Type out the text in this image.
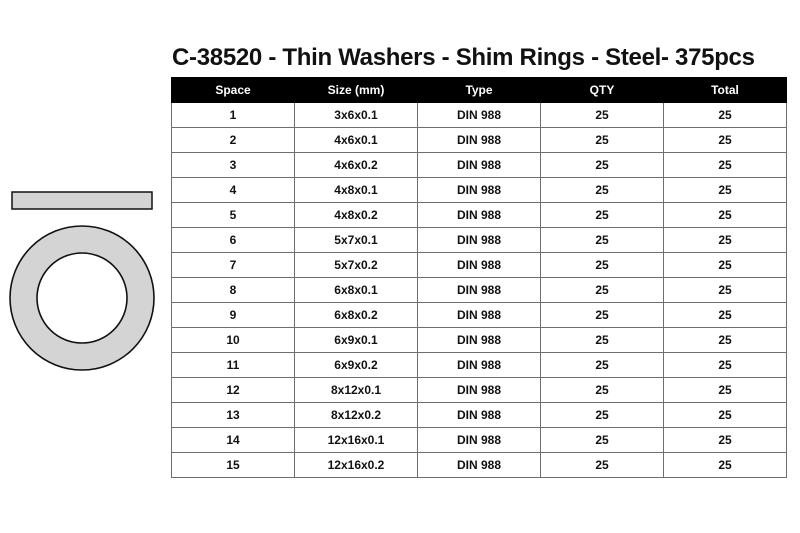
C-38520 - Thin Washers - Shim Rings - Steel- 375pcs
Space	Size (mm)	Type	QTY	Total
1	3x6x0.1	DIN 988	25	25
2	4x6x0.1	DIN 988	25	25
3	4x6x0.2	DIN 988	25	25
4	4x8x0.1	DIN 988	25	25
5	4x8x0.2	DIN 988	25	25
6	5x7x0.1	DIN 988	25	25
7	5x7x0.2	DIN 988	25	25
8	6x8x0.1	DIN 988	25	25
9	6x8x0.2	DIN 988	25	25
10	6x9x0.1	DIN 988	25	25
11	6x9x0.2	DIN 988	25	25
12	8x12x0.1	DIN 988	25	25
13	8x12x0.2	DIN 988	25	25
14	12x16x0.1	DIN 988	25	25
15	12x16x0.2	DIN 988	25	25
